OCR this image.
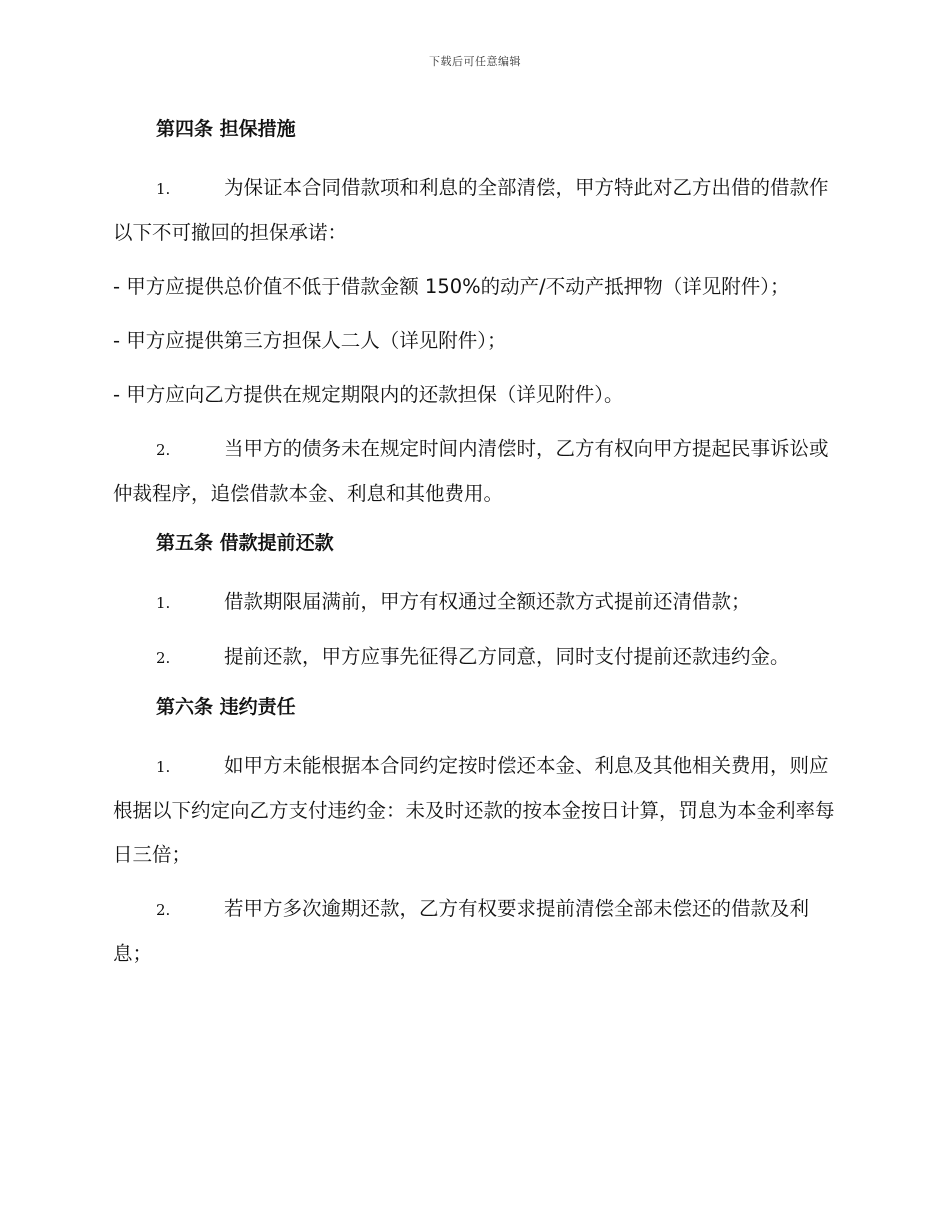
下载后可任意编辑
第四条 担保措施
1.	为保证本合同借款项和利息的全部清偿，甲方特此对乙方出借的借款作以下不可撤回的担保承诺：
- 甲方应提供总价值不低于借款金额 150%的动产/不动产抵押物（详见附件）；
- 甲方应提供第三方担保人二人（详见附件）；
- 甲方应向乙方提供在规定期限内的还款担保（详见附件）。
2.	当甲方的债务未在规定时间内清偿时，乙方有权向甲方提起民事诉讼或仲裁程序，追偿借款本金、利息和其他费用。
第五条 借款提前还款
1.	借款期限届满前，甲方有权通过全额还款方式提前还清借款；
2.	提前还款，甲方应事先征得乙方同意，同时支付提前还款违约金。
第六条 违约责任
1.	如甲方未能根据本合同约定按时偿还本金、利息及其他相关费用，则应根据以下约定向乙方支付违约金：未及时还款的按本金按日计算，罚息为本金利率每日三倍；
2.	若甲方多次逾期还款，乙方有权要求提前清偿全部未偿还的借款及利息；
